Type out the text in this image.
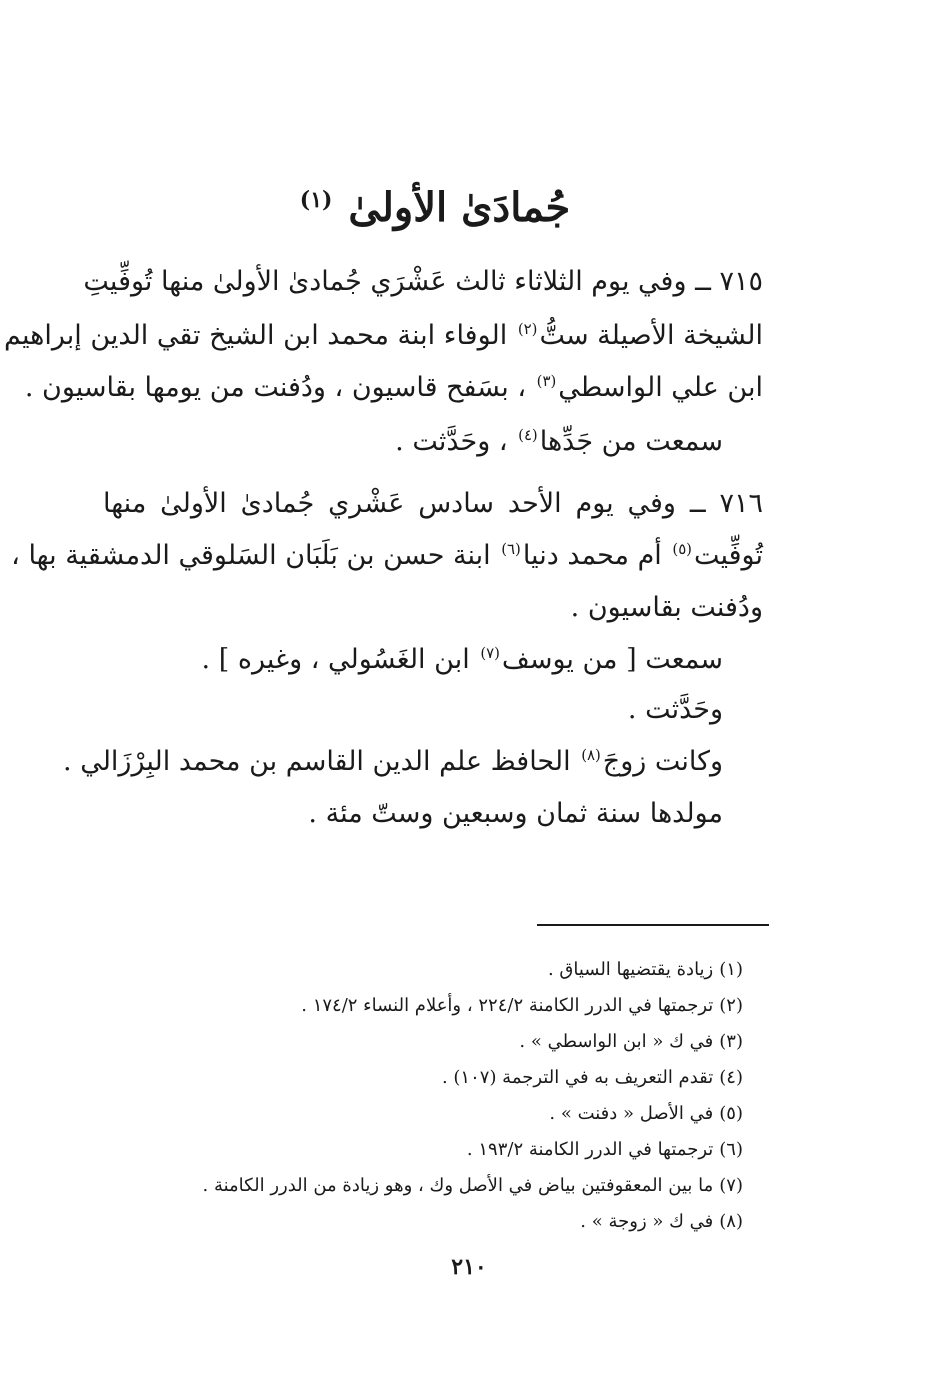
جُمادَىٰ الأولىٰ $^{(١)}$
٧١٥ ــ وفي يوم الثلاثاء ثالث عَشْرَي جُمادىٰ الأولىٰ منها تُوفِّيتِ
الشيخة الأصيلة ستُّ$^{(٢)}$ الوفاء ابنة محمد ابن الشيخ تقي الدين إبراهيم
ابن علي الواسطي$^{(٣)}$ ، بسَفح قاسيون ، ودُفنت من يومها بقاسيون .
سمعت من جَدِّها$^{(٤)}$ ، وحَدَّثت .
٧١٦ ــ وفي يوم الأحد سادس عَشْري جُمادىٰ الأولىٰ منها
تُوفِّيت$^{(٥)}$ أم محمد دنيا$^{(٦)}$ ابنة حسن بن بَلَبَان السَلوقي الدمشقية بها ،
ودُفنت بقاسيون .
سمعت [ من يوسف$^{(٧)}$ ابن الغَسُولي ، وغيره ] .
وحَدَّثت .
وكانت زوجَ$^{(٨)}$ الحافظ علم الدين القاسم بن محمد البِرْزَالي .
مولدها سنة ثمان وسبعين وستّ مئة .
(١)زيادة يقتضيها السياق .
(٢)ترجمتها في الدرر الكامنة ٢٢٤/٢ ، وأعلام النساء ١٧٤/٢ .
(٣)في ك « ابن الواسطي » .
(٤)تقدم التعريف به في الترجمة (١٠٧) .
(٥)في الأصل « دفنت » .
(٦)ترجمتها في الدرر الكامنة ١٩٣/٢ .
(٧)ما بين المعقوفتين بياض في الأصل وك ، وهو زيادة من الدرر الكامنة .
(٨)في ك « زوجة » .
٢١٠
